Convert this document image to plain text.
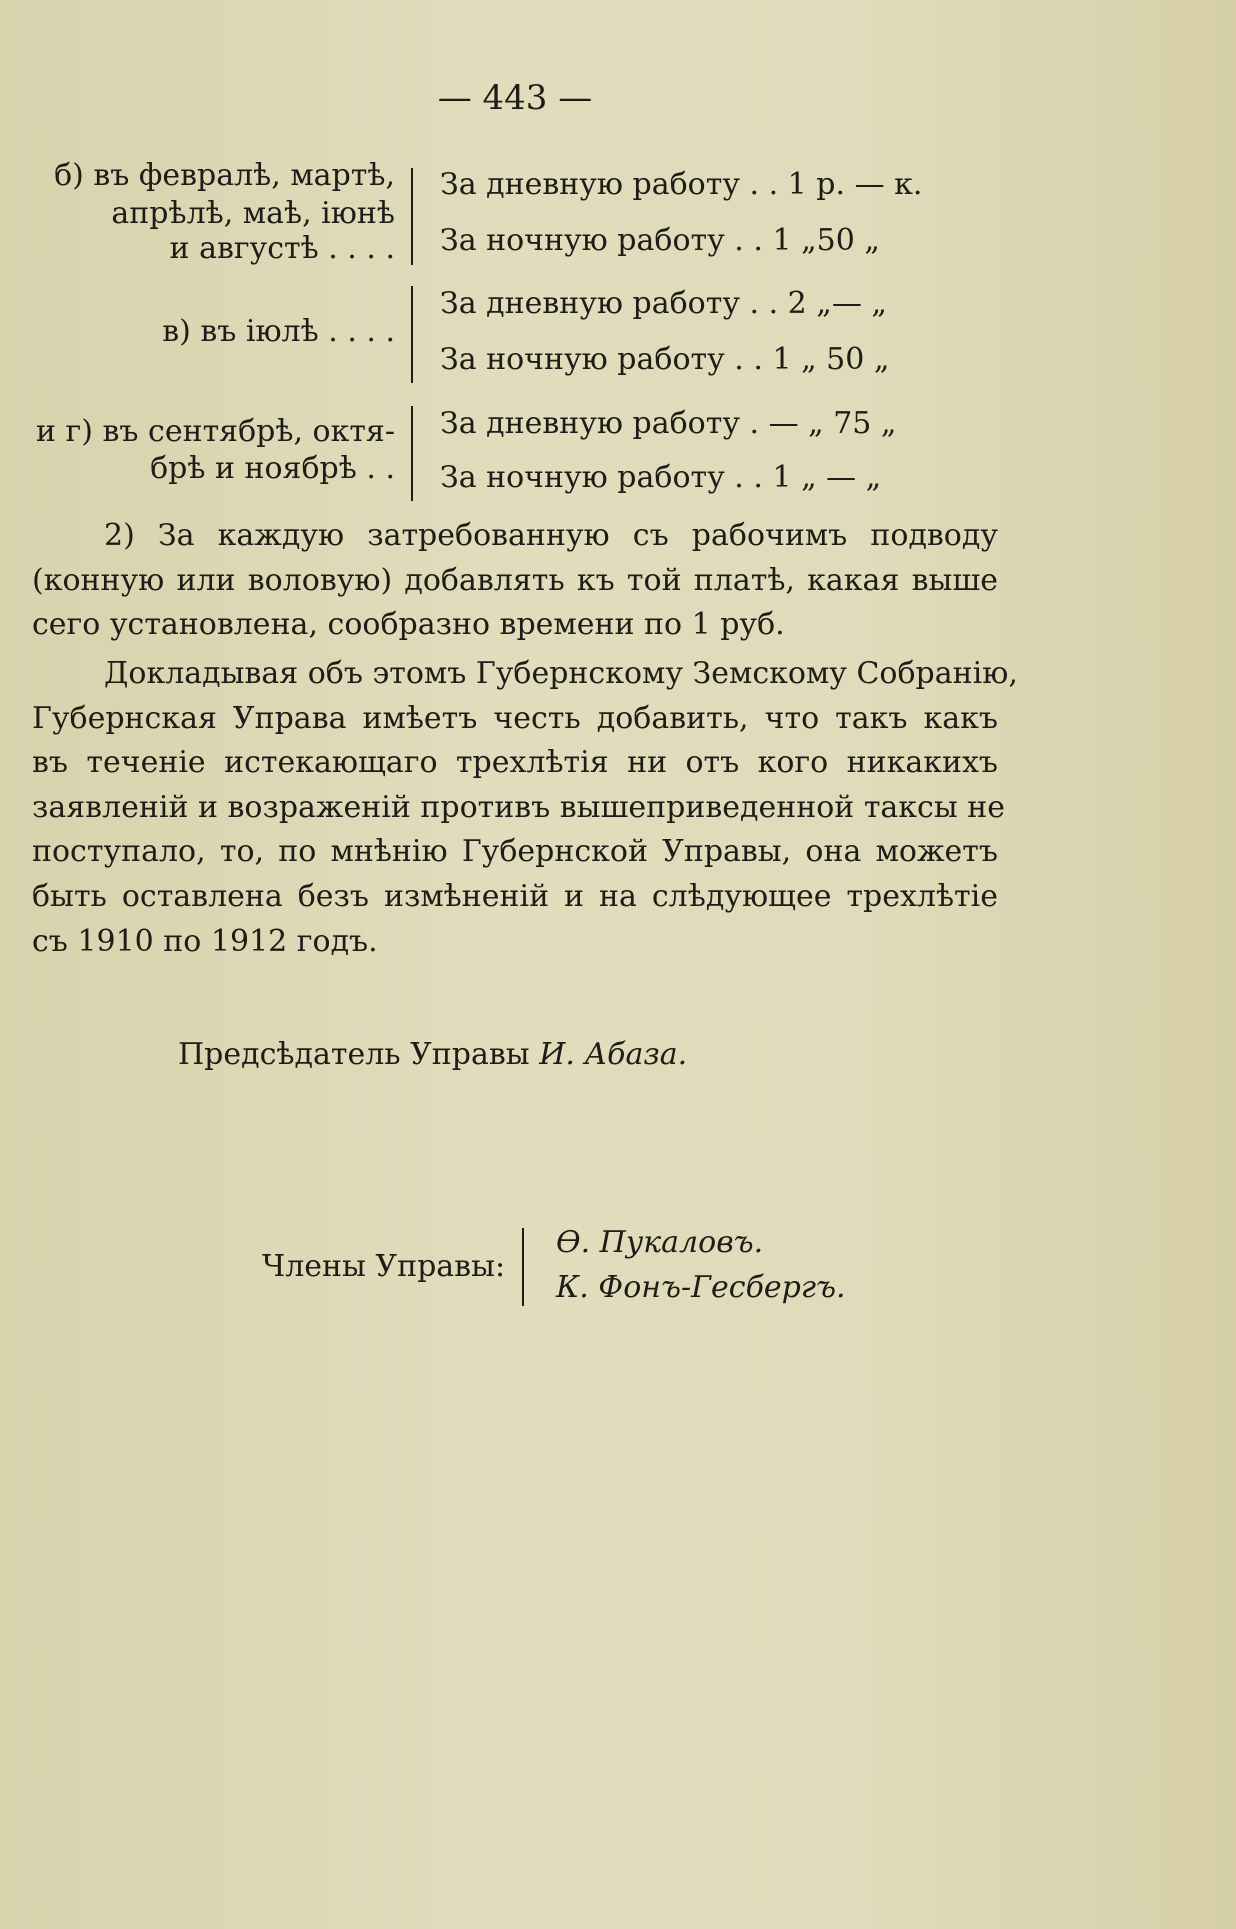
— 443 —
б) въ февралѣ, мартѣ,
апрѣлѣ, маѣ, іюнѣ
и августѣ . . . .
За дневную работу . . 1 р. — к.
За ночную работу . . 1 „50 „
в) въ іюлѣ . . . .
За дневную работу . . 2 „— „
За ночную работу . . 1 „ 50 „
и г) въ сентябрѣ, октя-
брѣ и ноябрѣ . .
За дневную работу . — „ 75 „
За ночную работу . . 1 „ — „
2) За каждую затребованную съ рабочимъ подводу
(конную или воловую) добавлять къ той платѣ, какая выше
сего установлена, сообразно времени по 1 руб.
Докладывая объ этомъ Губернскому Земскому Собранію,
Губернская Управа имѣетъ честь добавить, что такъ какъ
въ теченіе истекающаго трехлѣтія ни отъ кого никакихъ
заявленій и возраженій противъ вышеприведенной таксы не
поступало, то, по мнѣнію Губернской Управы, она можетъ
быть оставлена безъ измѣненій и на слѣдующее трехлѣтіе
съ 1910 по 1912 годъ.
Предсѣдатель Управы И. Абаза.
Члены Управы:
Ө. Пукаловъ.
К. Фонъ-Гесбергъ.
